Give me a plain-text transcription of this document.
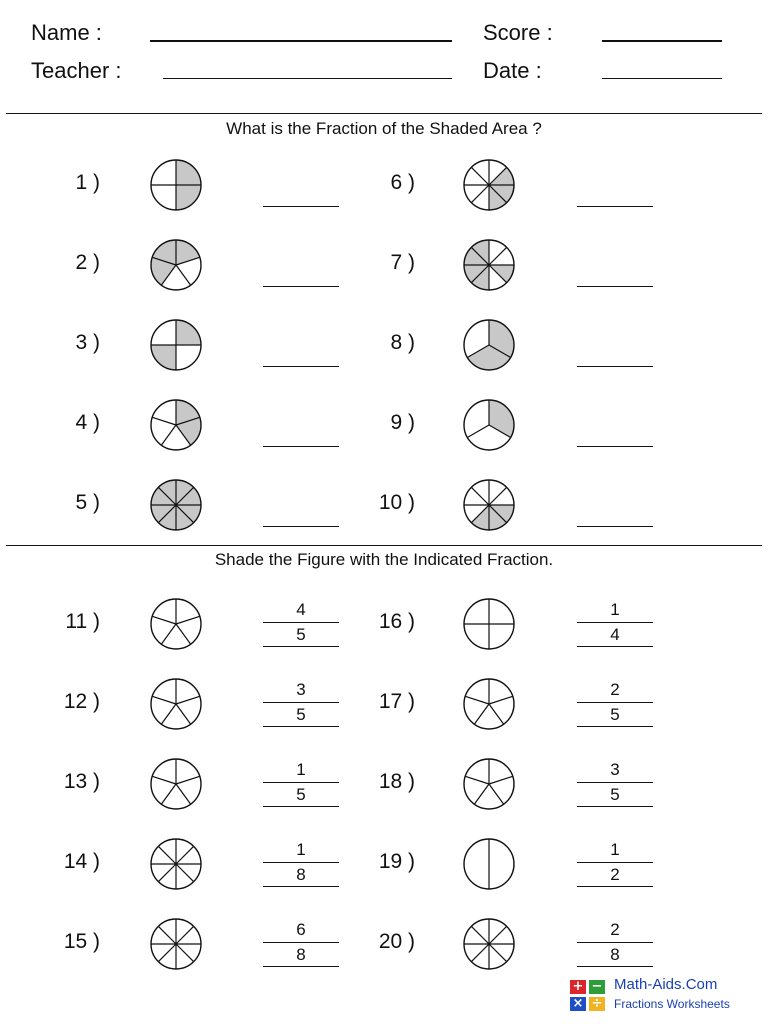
Name :
Teacher :
Score :
Date :
What is the Fraction of the Shaded Area ?
1 )
2 )
3 )
4 )
5 )
6 )
7 )
8 )
9 )
10 )
Shade the Figure with the Indicated Fraction.
11 )
4
5
12 )
3
5
13 )
1
5
14 )
1
8
15 )
6
8
16 )
1
4
17 )
2
5
18 )
3
5
19 )
1
2
20 )
2
8
+ −
× ÷
Math-Aids.Com
Fractions Worksheets
